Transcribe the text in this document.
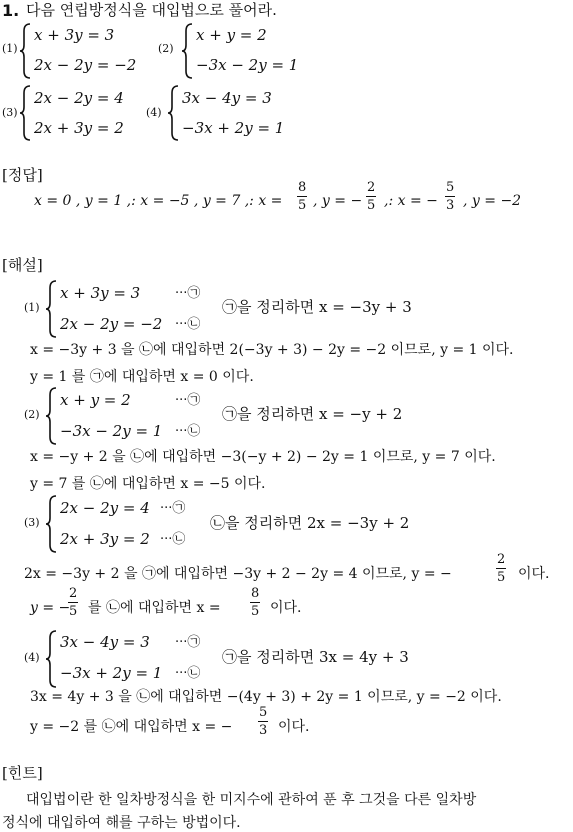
1. 다음 연립방정식을 대입법으로 풀어라.
(1)
x + 3y = 3
2x − 2y = −2
(2)
x + y = 2
−3x − 2y = 1
(3)
2x − 2y = 4
2x + 3y = 2
(4)
3x − 4y = 3
−3x + 2y = 1
[정답]
x = 0 , y = 1 ,: x = −5 , y = 7 ,: x =
8
5 , y = −
2
5 ,: x = −
5
3 , y = −2
[해설]
(1)
x + 3y = 3	···㉠
2x − 2y = −2 ···㉡
㉠을 정리하면 x = −3y + 3
x = −3y + 3 을 ㉡에 대입하면 2(−3y + 3) − 2y = −2 이므로, y = 1 이다.
y = 1 를 ㉠에 대입하면 x = 0 이다.
(2)
x + y = 2	···㉠
−3x − 2y = 1 ···㉡
㉠을 정리하면 x = −y + 2
x = −y + 2 을 ㉡에 대입하면 −3(−y + 2) − 2y = 1 이므로, y = 7 이다.
y = 7 를 ㉡에 대입하면 x = −5 이다.
(3)
2x − 2y = 4 ···㉠
2x + 3y = 2 ···㉡
㉡을 정리하면 2x = −3y + 2
2x = −3y + 2 을 ㉠에 대입하면 −3y + 2 − 2y = 4 이므로, y = −
2
5 이다.
y = −
2
5 를 ㉡에 대입하면 x =
8
5 이다.
(4)
3x − 4y = 3 ···㉠
−3x + 2y = 1 ···㉡
㉠을 정리하면 3x = 4y + 3
3x = 4y + 3 을 ㉡에 대입하면 −(4y + 3) + 2y = 1 이므로, y = −2 이다.
y = −2 를 ㉡에 대입하면 x = −
5
3 이다.
[힌트]
대입법이란 한 일차방정식을 한 미지수에 관하여 푼 후 그것을 다른 일차방
정식에 대입하여 해를 구하는 방법이다.
